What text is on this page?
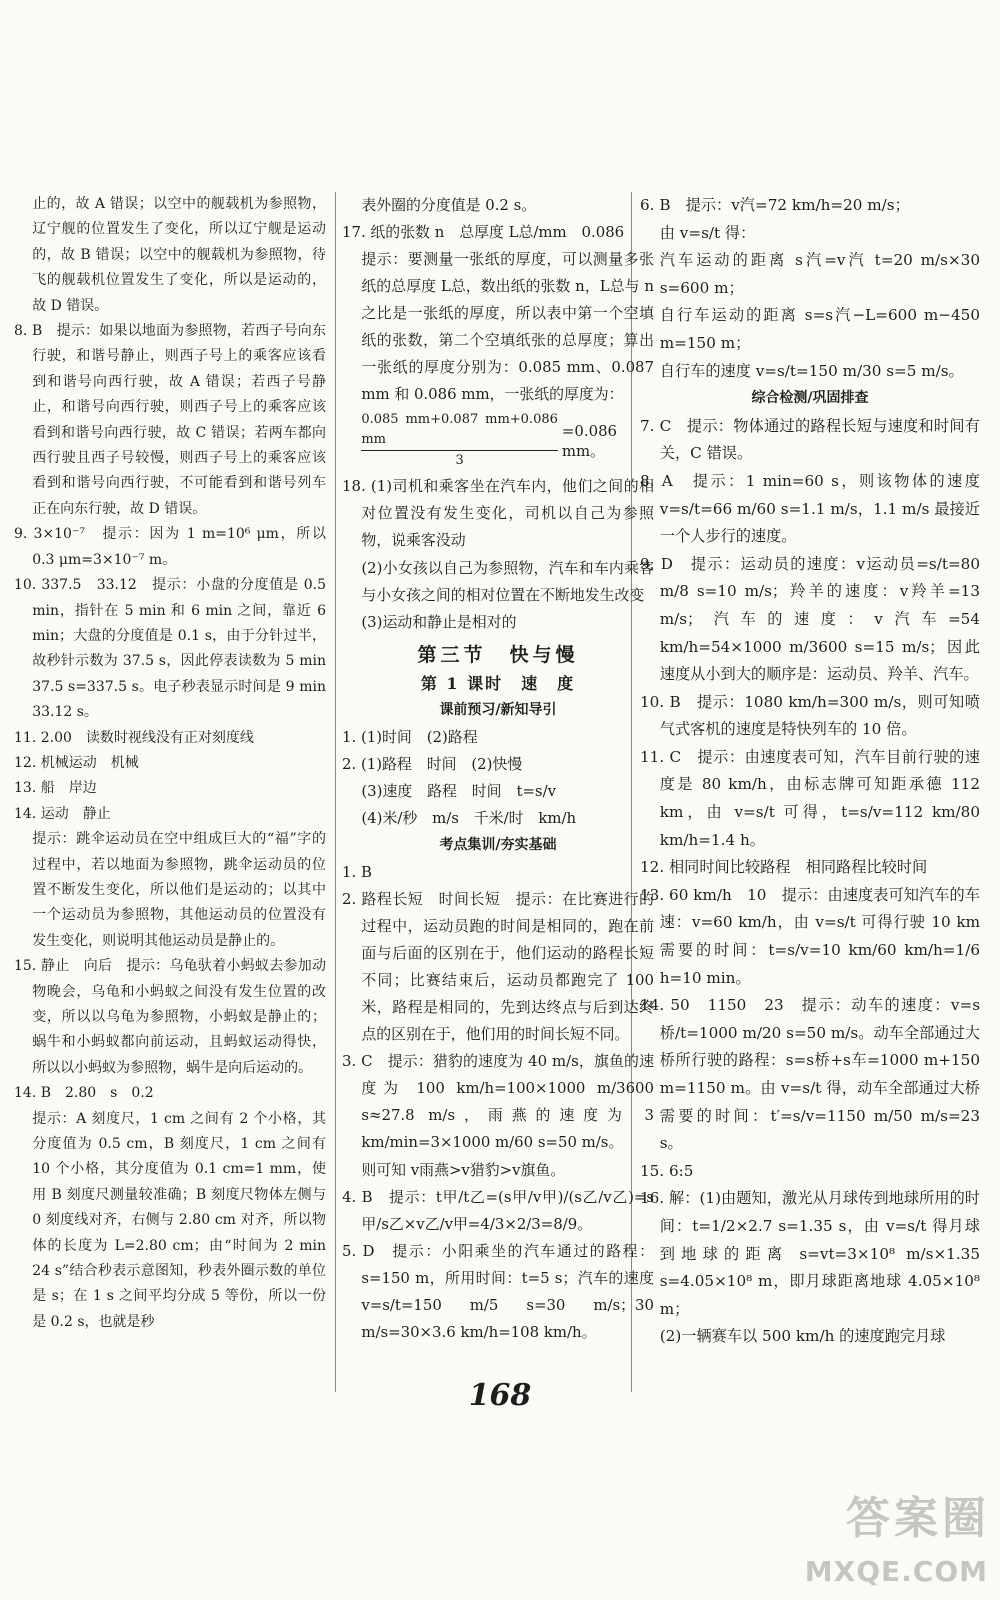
止的，故 A 错误；以空中的舰载机为参照物，辽宁舰的位置发生了变化，所以辽宁舰是运动的，故 B 错误；以空中的舰载机为参照物，待飞的舰载机位置发生了变化，所以是运动的，故 D 错误。

8. B　提示：如果以地面为参照物，若西子号向东行驶，和谐号静止，则西子号上的乘客应该看到和谐号向西行驶，故 A 错误；若西子号静止，和谐号向西行驶，则西子号上的乘客应该看到和谐号向西行驶，故 C 错误；若两车都向西行驶且西子号较慢，则西子号上的乘客应该看到和谐号向西行驶，不可能看到和谐号列车正在向东行驶，故 D 错误。

9. 3×10⁻⁷　提示：因为 1 m=10⁶ μm，所以 0.3 μm=3×10⁻⁷ m。

10. 337.5　33.12　提示：小盘的分度值是 0.5 min，指针在 5 min 和 6 min 之间，靠近 6 min；大盘的分度值是 0.1 s，由于分针过半，故秒针示数为 37.5 s，因此停表读数为 5 min 37.5 s=337.5 s。电子秒表显示时间是 9 min 33.12 s。

11. 2.00　读数时视线没有正对刻度线

12. 机械运动　机械

13. 船　岸边

14. 运动　静止

提示：跳伞运动员在空中组成巨大的“福”字的过程中，若以地面为参照物，跳伞运动员的位置不断发生变化，所以他们是运动的；以其中一个运动员为参照物，其他运动员的位置没有发生变化，则说明其他运动员是静止的。

15. 静止　向后　提示：乌龟驮着小蚂蚁去参加动物晚会，乌龟和小蚂蚁之间没有发生位置的改变，所以以乌龟为参照物，小蚂蚁是静止的；蜗牛和小蚂蚁都向前运动，且蚂蚁运动得快，所以以小蚂蚁为参照物，蜗牛是向后运动的。

14. B　2.80　s　0.2

提示：A 刻度尺，1 cm 之间有 2 个小格，其分度值为 0.5 cm，B 刻度尺，1 cm 之间有 10 个小格，其分度值为 0.1 cm=1 mm，使用 B 刻度尺测量较准确；B 刻度尺物体左侧与 0 刻度线对齐，右侧与 2.80 cm 对齐，所以物体的长度为 L=2.80 cm；由“时间为 2 min 24 s”结合秒表示意图知，秒表外圈示数的单位是 s；在 1 s 之间平均分成 5 等份，所以一份是 0.2 s，也就是秒

表外圈的分度值是 0.2 s。

17. 纸的张数 n　总厚度 L总/mm　0.086

提示：要测量一张纸的厚度，可以测量多张纸的总厚度 L总，数出纸的张数 n，L总与 n 之比是一张纸的厚度，所以表中第一个空填纸的张数，第二个空填纸张的总厚度；算出一张纸的厚度分别为：0.085 mm、0.087 mm 和 0.086 mm，一张纸的厚度为：

$\frac{0.085 mm+0.087 mm+0.086 mm}{3} =0.086$ mm。

18. (1)司机和乘客坐在汽车内，他们之间的相对位置没有发生变化，司机以自己为参照物，说乘客没动

(2)小女孩以自己为参照物，汽车和车内乘客与小女孩之间的相对位置在不断地发生改变

(3)运动和静止是相对的

第三节　快与慢

第 1 课时　速　度

课前预习/新知导引

1. (1)时间　(2)路程

2. (1)路程　时间　(2)快慢

(3)速度　路程　时间　t=s/v

(4)米/秒　m/s　千米/时　km/h

考点集训/夯实基础

1. B

2. 路程长短　时间长短　提示：在比赛进行的过程中，运动员跑的时间是相同的，跑在前面与后面的区别在于，他们运动的路程长短不同；比赛结束后，运动员都跑完了 100 米，路程是相同的，先到达终点与后到达终点的区别在于，他们用的时间长短不同。

3. C　提示：猎豹的速度为 40 m/s，旗鱼的速度为 100 km/h=100×1000 m/3600 s≈27.8 m/s，雨燕的速度为 3 km/min=3×1000 m/60 s=50 m/s。

则可知 v雨燕>v猎豹>v旗鱼。

4. B　提示：t甲/t乙=(s甲/v甲)/(s乙/v乙)=s甲/s乙×v乙/v甲=4/3×2/3=8/9。

5. D　提示：小阳乘坐的汽车通过的路程：s=150 m，所用时间：t=5 s；汽车的速度 v=s/t=150 m/5 s=30 m/s；30 m/s=30×3.6 km/h=108 km/h。

6. B　提示：v汽=72 km/h=20 m/s；

由 v=s/t 得：

汽车运动的距离 s汽=v汽 t=20 m/s×30 s=600 m；

自行车运动的距离 s=s汽−L=600 m−450 m=150 m；

自行车的速度 v=s/t=150 m/30 s=5 m/s。

综合检测/巩固排查

7. C　提示：物体通过的路程长短与速度和时间有关，C 错误。

8. A　提示：1 min=60 s，则该物体的速度 v=s/t=66 m/60 s=1.1 m/s，1.1 m/s 最接近一个人步行的速度。

9. D　提示：运动员的速度：v运动员=s/t=80 m/8 s=10 m/s；羚羊的速度：v羚羊=13 m/s；汽车的速度：v汽车=54 km/h=54×1000 m/3600 s=15 m/s；因此速度从小到大的顺序是：运动员、羚羊、汽车。

10. B　提示：1080 km/h=300 m/s，则可知喷气式客机的速度是特快列车的 10 倍。

11. C　提示：由速度表可知，汽车目前行驶的速度是 80 km/h，由标志牌可知距承德 112 km，由 v=s/t 可得，t=s/v=112 km/80 km/h=1.4 h。

12. 相同时间比较路程　相同路程比较时间

13. 60 km/h　10　提示：由速度表可知汽车的车速：v=60 km/h，由 v=s/t 可得行驶 10 km 需要的时间：t=s/v=10 km/60 km/h=1/6 h=10 min。

14. 50　1150　23　提示：动车的速度：v=s桥/t=1000 m/20 s=50 m/s。动车全部通过大桥所行驶的路程：s=s桥+s车=1000 m+150 m=1150 m。由 v=s/t 得，动车全部通过大桥需要的时间：t′=s/v=1150 m/50 m/s=23 s。

15. 6:5

16. 解：(1)由题知，激光从月球传到地球所用的时间：t=1/2×2.7 s=1.35 s，由 v=s/t 得月球到地球的距离 s=vt=3×10⁸ m/s×1.35 s=4.05×10⁸ m，即月球距离地球 4.05×10⁸ m；

(2)一辆赛车以 500 km/h 的速度跑完月球

168
答案圈
MXQE.COM
